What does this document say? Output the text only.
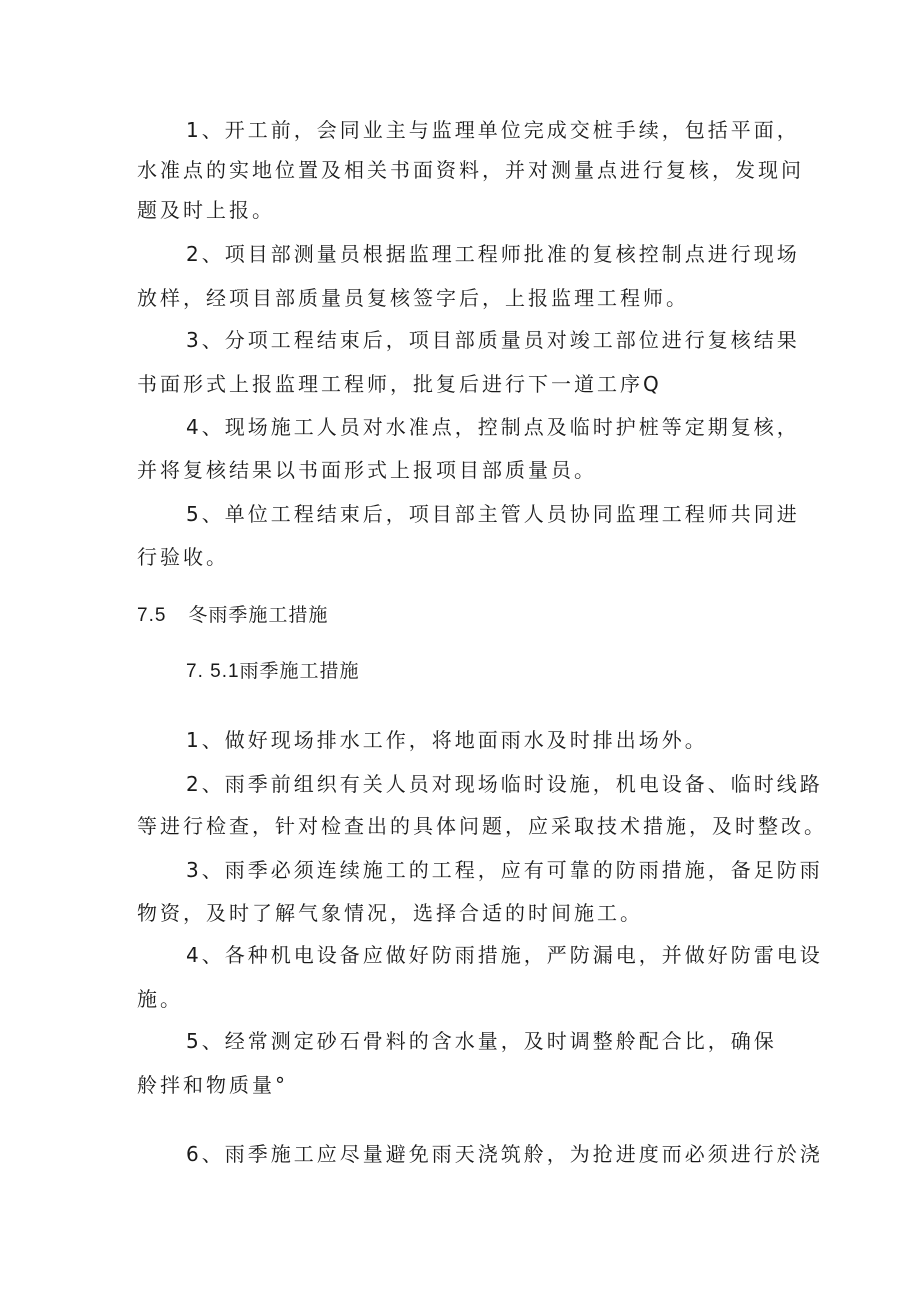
1、开工前，会同业主与监理单位完成交桩手续，包括平面，
水准点的实地位置及相关书面资料，并对测量点进行复核，发现问
题及时上报。
2、项目部测量员根据监理工程师批准的复核控制点进行现场
放样，经项目部质量员复核签字后，上报监理工程师。
3、分项工程结束后，项目部质量员对竣工部位进行复核结果
书面形式上报监理工程师，批复后进行下一道工序Q
4、现场施工人员对水准点，控制点及临时护桩等定期复核，
并将复核结果以书面形式上报项目部质量员。
5、单位工程结束后，项目部主管人员协同监理工程师共同进
行验收。
7.5 冬雨季施工措施
7. 5.1雨季施工措施
1、做好现场排水工作，将地面雨水及时排出场外。
2、雨季前组织有关人员对现场临时设施，机电设备、临时线路
等进行检查，针对检查出的具体问题，应采取技术措施，及时整改。
3、雨季必须连续施工的工程，应有可靠的防雨措施，备足防雨
物资，及时了解气象情况，选择合适的时间施工。
4、各种机电设备应做好防雨措施，严防漏电，并做好防雷电设
施。
5、经常测定砂石骨料的含水量，及时调整舲配合比，确保
舲拌和物质量°
6、雨季施工应尽量避免雨天浇筑舲，为抢进度而必须进行於浇
